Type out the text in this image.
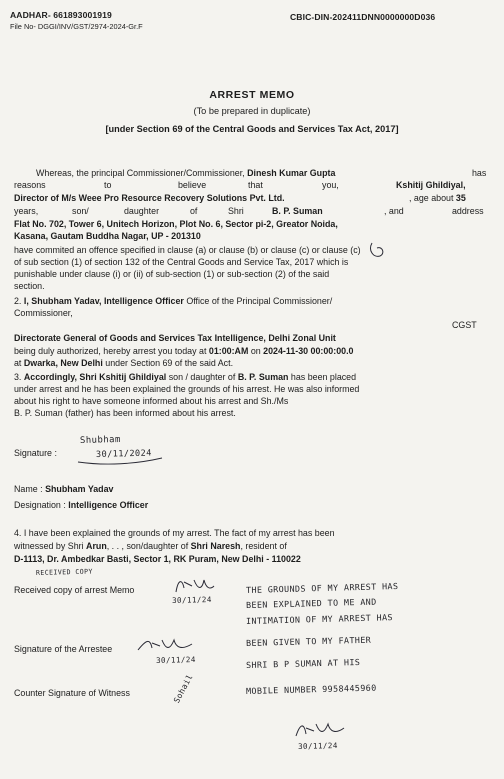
AADHAR- 661893001919
File No- DGGI/INV/GST/2974-2024-Gr.F
CBIC-DIN-202411DNN0000000D036
ARREST MEMO
(To be prepared in duplicate)
[under Section 69 of the Central Goods and Services Tax Act, 2017]
Whereas, the principal Commissioner/Commissioner, Dinesh Kumar Gupta	has
reasons	to	believe	that	you,	Kshitij Ghildiyal,
Director of M/s Weee Pro Resource Recovery Solutions Pvt. Ltd.	, age about 35
years,	son/	daughter	of	Shri	B. P. Suman	, and	address
Flat No. 702, Tower 6, Unitech Horizon, Plot No. 6, Sector pi-2, Greator Noida,
Kasana, Gautam Buddha Nagar, UP - 201310
have commited an offence specified in clause (a) or clause (b) or clause (c) or clause (c)
of sub section (1) of section 132 of the Central Goods and Service Tax, 2017 which is
punishable under clause (i) or (ii) of sub-section (1) or sub-section (2) of the said
section.
2. I, Shubham Yadav, Intelligence Officer Office of the Principal Commissioner/
Commissioner,
CGST
Directorate General of Goods and Services Tax Intelligence, Delhi Zonal Unit
being duly authorized, hereby arrest you today at 01:00:AM on 2024-11-30 00:00:00.0
at Dwarka, New Delhi under Section 69 of the said Act.
3. Accordingly, Shri Kshitij Ghildiyal son / daughter of B. P. Suman has been placed
under arrest and he has been explained the grounds of his arrest. He was also informed
about his right to have someone informed about his arrest and Sh./Ms
B. P. Suman (father) has been informed about his arrest.
Signature :
Shubham
30/11/2024
Name : Shubham Yadav
Designation : Intelligence Officer
4. I have been explained the grounds of my arrest. The fact of my arrest has been
witnessed by Shri Arun, . . , son/daughter of Shri Naresh, resident of
D-1113, Dr. Ambedkar Basti, Sector 1, RK Puram, New Delhi - 110022
RECEIVED COPY
Received copy of arrest Memo
30/11/24
Signature of the Arrestee
30/11/24
Counter Signature of Witness	Sohail
THE GROUNDS OF MY ARREST HAS
BEEN EXPLAINED TO ME AND
INTIMATION OF MY ARREST HAS
BEEN GIVEN TO MY FATHER
SHRI B P SUMAN AT HIS
MOBILE NUMBER 9958445960
30/11/24
